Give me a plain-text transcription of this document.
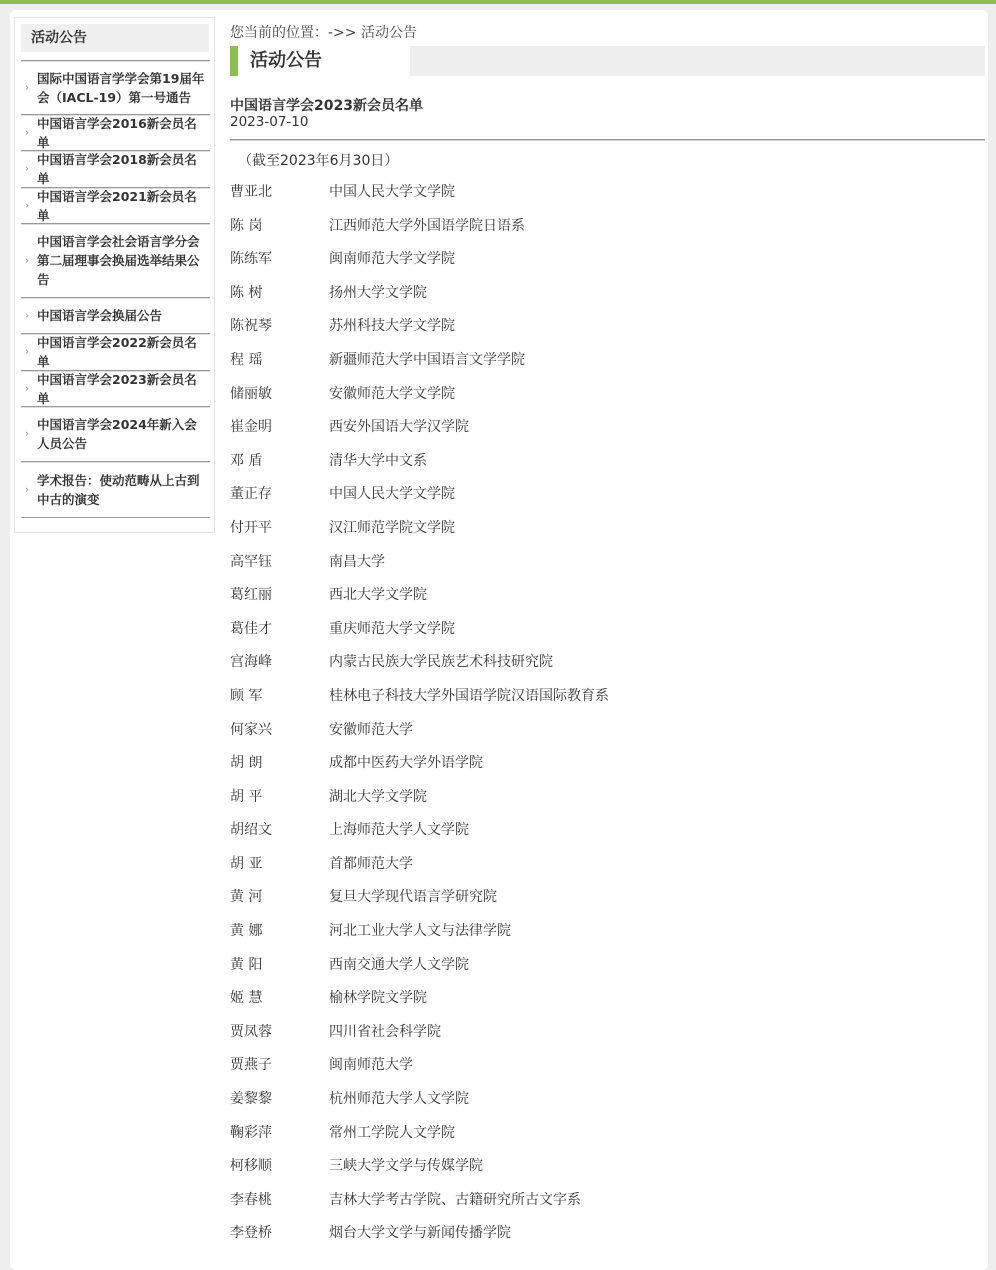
活动公告
›
国际中国语言学学会第19届年会（IACL-19）第一号通告
›
中国语言学会2016新会员名单
›
中国语言学会2018新会员名单
›
中国语言学会2021新会员名单
›
中国语言学会社会语言学分会第二届理事会换届选举结果公告
› 中国语言学会换届公告
›
中国语言学会2022新会员名单
›
中国语言学会2023新会员名单
›
中国语言学会2024年新入会人员公告
›
学术报告：使动范畴从上古到中古的演变
您当前的位置：->> 活动公告
活动公告
中国语言学会2023新会员名单
2023-07-10
（截至2023年6月30日）
曹亚北	中国人民大学文学院
陈 岗	江西师范大学外国语学院日语系
陈练军	闽南师范大学文学院
陈 树	扬州大学文学院
陈祝琴	苏州科技大学文学院
程 瑶	新疆师范大学中国语言文学学院
储丽敏	安徽师范大学文学院
崔金明	西安外国语大学汉学院
邓 盾	清华大学中文系
董正存	中国人民大学文学院
付开平	汉江师范学院文学院
高罕钰	南昌大学
葛红丽	西北大学文学院
葛佳才	重庆师范大学文学院
宫海峰	内蒙古民族大学民族艺术科技研究院
顾 军	桂林电子科技大学外国语学院汉语国际教育系
何家兴	安徽师范大学
胡 朗	成都中医药大学外语学院
胡 平	湖北大学文学院
胡绍文	上海师范大学人文学院
胡 亚	首都师范大学
黄 河	复旦大学现代语言学研究院
黄 娜	河北工业大学人文与法律学院
黄 阳	西南交通大学人文学院
姬 慧	榆林学院文学院
贾凤蓉	四川省社会科学院
贾燕子	闽南师范大学
姜黎黎	杭州师范大学人文学院
鞠彩萍	常州工学院人文学院
柯移顺	三峡大学文学与传媒学院
李春桃	吉林大学考古学院、古籍研究所古文字系
李登桥	烟台大学文学与新闻传播学院
